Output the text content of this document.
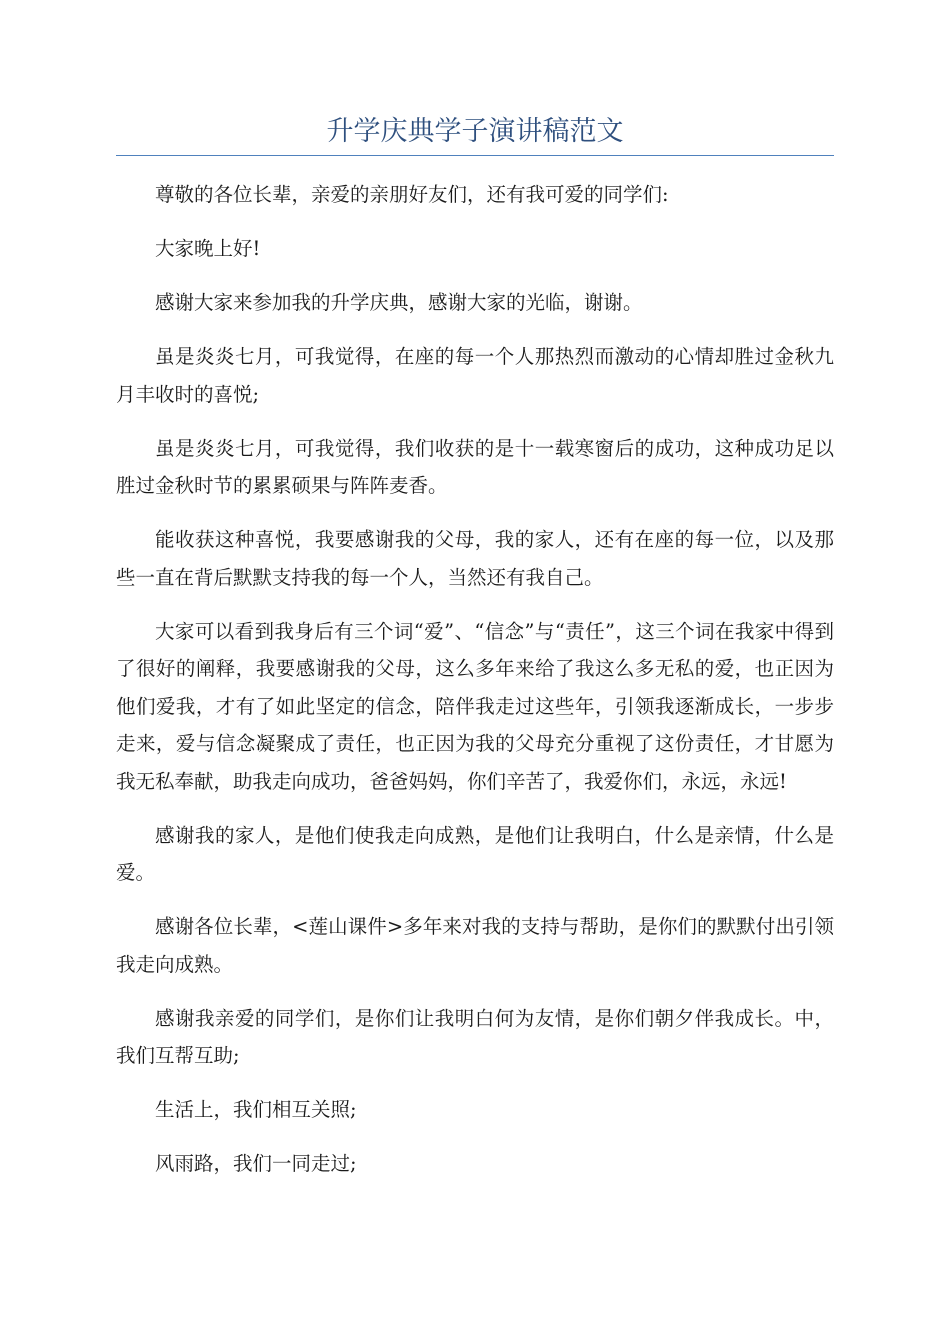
升学庆典学子演讲稿范文

尊敬的各位长辈，亲爱的亲朋好友们，还有我可爱的同学们:

大家晚上好!

感谢大家来参加我的升学庆典，感谢大家的光临，谢谢。

虽是炎炎七月，可我觉得，在座的每一个人那热烈而激动的心情却胜过金秋九月丰收时的喜悦;

虽是炎炎七月，可我觉得，我们收获的是十一载寒窗后的成功，这种成功足以胜过金秋时节的累累硕果与阵阵麦香。

能收获这种喜悦，我要感谢我的父母，我的家人，还有在座的每一位，以及那些一直在背后默默支持我的每一个人，当然还有我自己。

大家可以看到我身后有三个词“爱”、“信念”与“责任”，这三个词在我家中得到了很好的阐释，我要感谢我的父母，这么多年来给了我这么多无私的爱，也正因为他们爱我，才有了如此坚定的信念，陪伴我走过这些年，引领我逐渐成长，一步步走来，爱与信念凝聚成了责任，也正因为我的父母充分重视了这份责任，才甘愿为我无私奉献，助我走向成功，爸爸妈妈，你们辛苦了，我爱你们，永远，永远!

感谢我的家人，是他们使我走向成熟，是他们让我明白，什么是亲情，什么是爱。

感谢各位长辈，<莲山课件>多年来对我的支持与帮助，是你们的默默付出引领我走向成熟。

感谢我亲爱的同学们，是你们让我明白何为友情，是你们朝夕伴我成长。中，我们互帮互助;

生活上，我们相互关照;

风雨路，我们一同走过;
